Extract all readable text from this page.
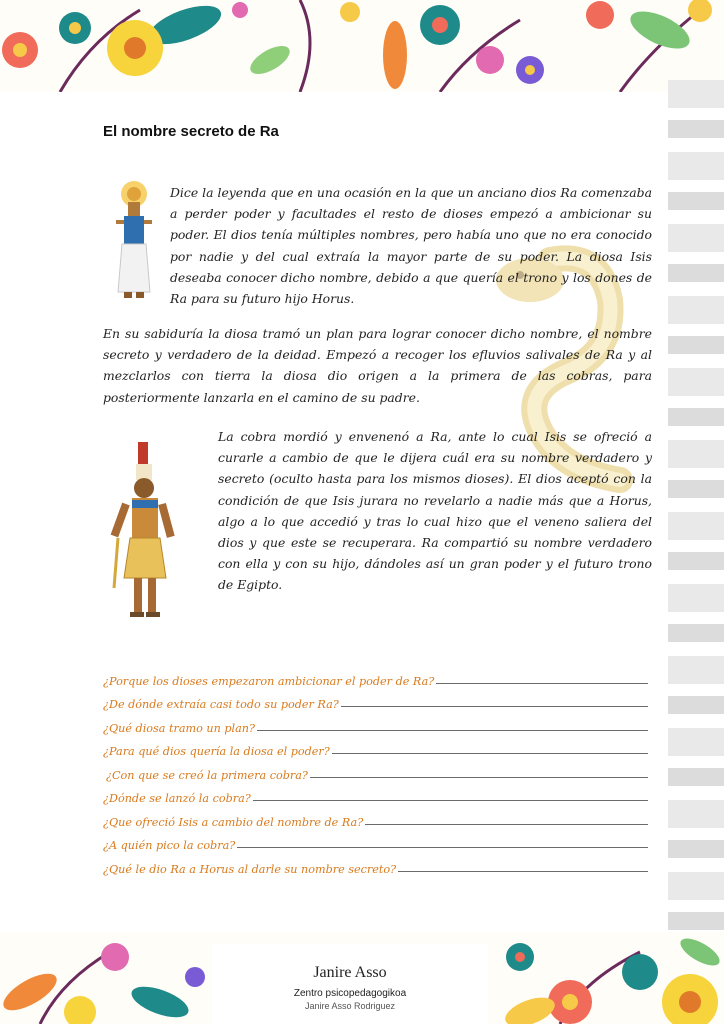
El nombre secreto de Ra

Dice la leyenda que en una ocasión en la que un anciano dios Ra comenzaba a perder poder y facultades el resto de dioses empezó a ambicionar su poder. El dios tenía múltiples nombres, pero había uno que no era conocido por nadie y del cual extraía la mayor parte de su poder. La diosa Isis deseaba conocer dicho nombre, debido a que quería el trono y los dones de Ra para su futuro hijo Horus.

En su sabiduría la diosa tramó un plan para lograr conocer dicho nombre, el nombre secreto y verdadero de la deidad. Empezó a recoger los efluvios salivales de Ra y al mezclarlos con tierra la diosa dio origen a la primera de las cobras, para posteriormente lanzarla en el camino de su padre.

La cobra mordió y envenenó a Ra, ante lo cual Isis se ofreció a curarle a cambio de que le dijera cuál era su nombre verdadero y secreto (oculto hasta para los mismos dioses). El dios aceptó con la condición de que Isis jurara no revelarlo a nadie más que a Horus, algo a lo que accedió y tras lo cual hizo que el veneno saliera del dios y que este se recuperara. Ra compartió su nombre verdadero con ella y con su hijo, dándoles así un gran poder y el futuro trono de Egipto.

¿Porque los dioses empezaron ambicionar el poder de Ra?
¿De dónde extraía casi todo su poder Ra?
¿Qué diosa tramo un plan?
¿Para qué dios quería la diosa el poder?
¿Con que se creó la primera cobra?
¿Dónde se lanzó la cobra?
¿Que ofreció Isis a cambio del nombre de Ra?
¿A quién pico la cobra?
¿Qué le dio Ra a Horus al darle su nombre secreto?
Janire Asso
Zentro psicopedagogikoa
Janire Asso Rodriguez
